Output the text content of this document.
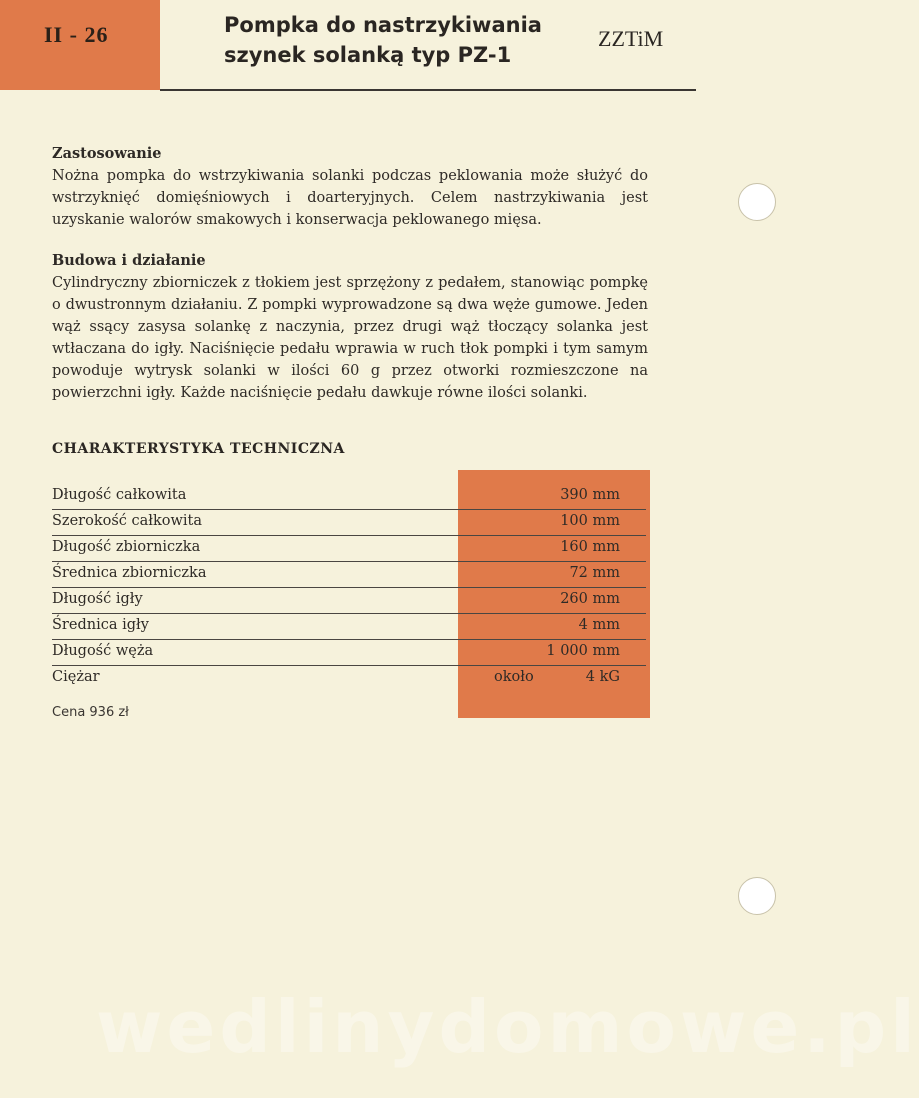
II - 26	Pompka do nastrzykiwania
szynek solanką typ PZ-1
ZZTiM

Zastosowanie

Nożna pompka do wstrzykiwania solanki podczas peklowania może służyć do wstrzyknięć domięśniowych i doarteryjnych. Celem nastrzykiwania jest uzyskanie walorów smakowych i konserwacja peklowanego mięsa.

Budowa i działanie

Cylindryczny zbiorniczek z tłokiem jest sprzężony z pedałem, stanowiąc pompkę o dwustronnym działaniu. Z pompki wyprowadzone są dwa węże gumowe. Jeden wąż ssący zasysa solankę z naczynia, przez drugi wąż tłoczący solanka jest wtłaczana do igły. Naciśnięcie pedału wprawia w ruch tłok pompki i tym samym powoduje wytrysk solanki w ilości 60 g przez otworki rozmieszczone na powierzchni igły. Każde naciśnięcie pedału dawkuje równe ilości solanki.

CHARAKTERYSTYKA TECHNICZNA
Długość całkowita	390 mm
Szerokość całkowita	100 mm
Długość zbiorniczka	160 mm
Średnica zbiorniczka	72 mm
Długość igły	260 mm
Średnica igły	4 mm
Długość węża	1 000 mm
Ciężar	około	4 kG
Cena 936 zł
wedlinydomowe.pl
